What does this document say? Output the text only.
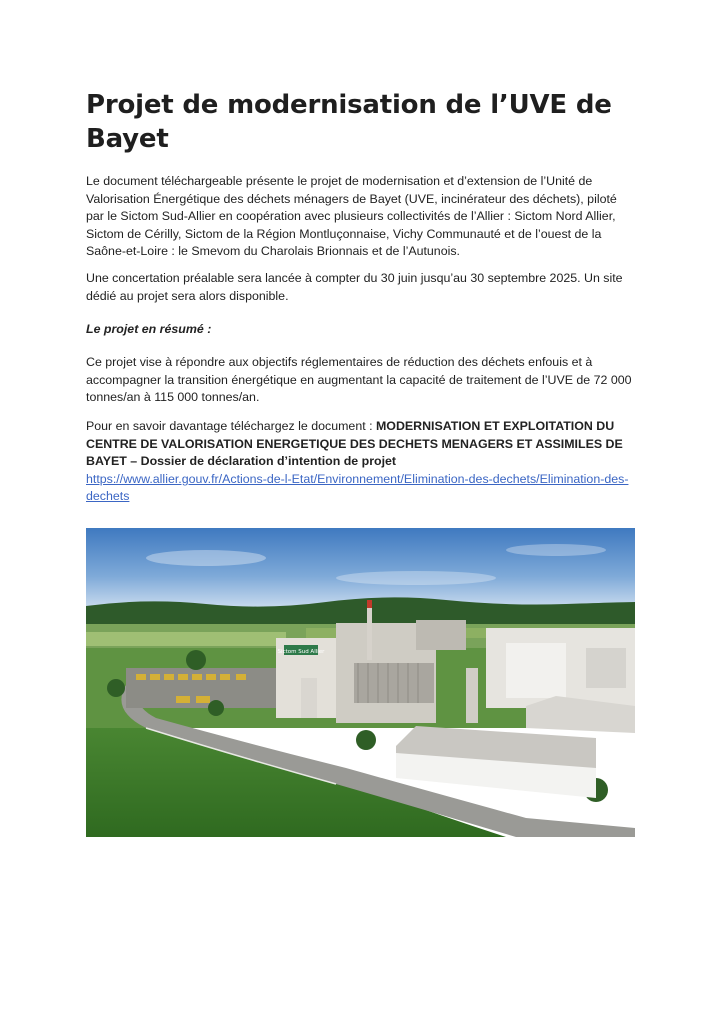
Projet de modernisation de l’UVE de Bayet

Le document téléchargeable présente le projet de modernisation et d’extension de l’Unité de Valorisation Énergétique des déchets ménagers de Bayet (UVE, incinérateur des déchets), piloté par le Sictom Sud-Allier en coopération avec plusieurs collectivités de l’Allier : Sictom Nord Allier, Sictom de Cérilly, Sictom de la Région Montluçonnaise, Vichy Communauté et de l’ouest de la Saône-et-Loire : le Smevom du Charolais Brionnais et de l’Autunois.

Une concertation préalable sera lancée à compter du 30 juin jusqu’au 30 septembre 2025. Un site dédié au projet sera alors disponible.

Le projet en résumé :

Ce projet vise à répondre aux objectifs réglementaires de réduction des déchets enfouis et à accompagner la transition énergétique en augmentant la capacité de traitement de l’UVE de 72 000 tonnes/an à 115 000 tonnes/an.

Pour en savoir davantage téléchargez le document : MODERNISATION ET EXPLOITATION DU CENTRE DE VALORISATION ENERGETIQUE DES DECHETS MENAGERS ET ASSIMILES DE BAYET – Dossier de déclaration d’intention de projet
https://www.allier.gouv.fr/Actions-de-l-Etat/Environnement/Elimination-des-dechets/Elimination-des-dechets

Sictom Sud Allier
